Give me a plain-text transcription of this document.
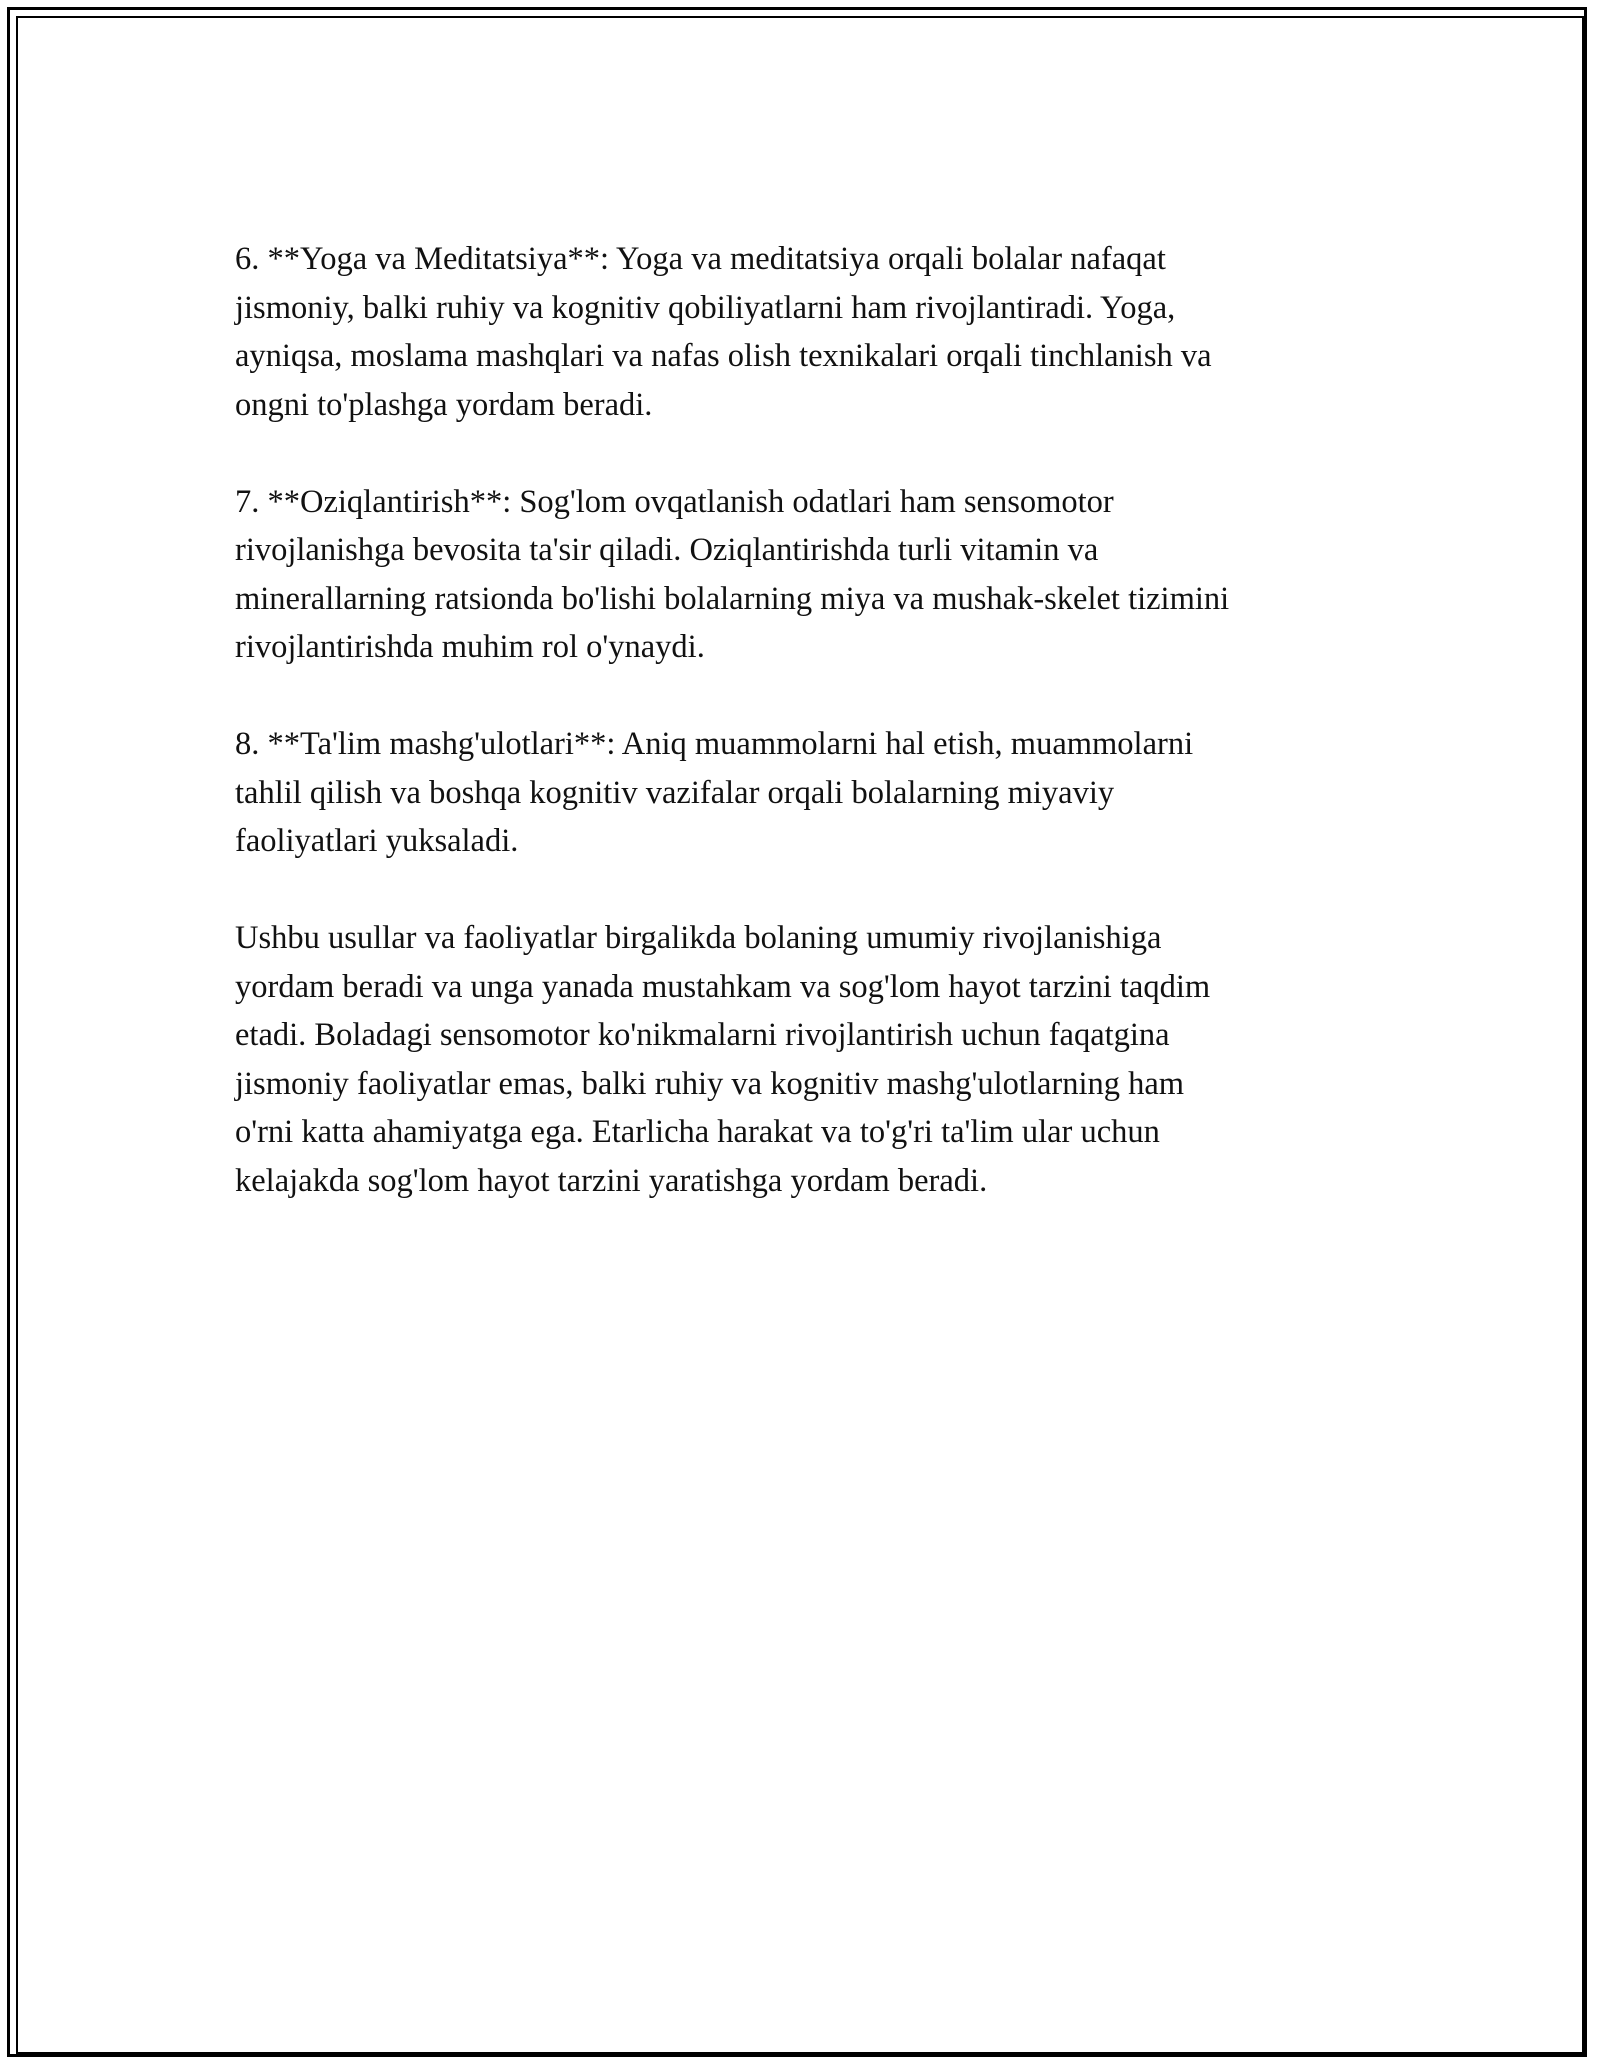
6. **Yoga va Meditatsiya**: Yoga va meditatsiya orqali bolalar nafaqat
jismoniy, balki ruhiy va kognitiv qobiliyatlarni ham rivojlantiradi. Yoga,
ayniqsa, moslama mashqlari va nafas olish texnikalari orqali tinchlanish va
ongni to'plashga yordam beradi.

7. **Oziqlantirish**: Sog'lom ovqatlanish odatlari ham sensomotor
rivojlanishga bevosita ta'sir qiladi. Oziqlantirishda turli vitamin va
minerallarning ratsionda bo'lishi bolalarning miya va mushak-skelet tizimini
rivojlantirishda muhim rol o'ynaydi.

8. **Ta'lim mashg'ulotlari**: Aniq muammolarni hal etish, muammolarni
tahlil qilish va boshqa kognitiv vazifalar orqali bolalarning miyaviy
faoliyatlari yuksaladi.

Ushbu usullar va faoliyatlar birgalikda bolaning umumiy rivojlanishiga
yordam beradi va unga yanada mustahkam va sog'lom hayot tarzini taqdim
etadi. Boladagi sensomotor ko'nikmalarni rivojlantirish uchun faqatgina
jismoniy faoliyatlar emas, balki ruhiy va kognitiv mashg'ulotlarning ham
o'rni katta ahamiyatga ega. Etarlicha harakat va to'g'ri ta'lim ular uchun
kelajakda sog'lom hayot tarzini yaratishga yordam beradi.
